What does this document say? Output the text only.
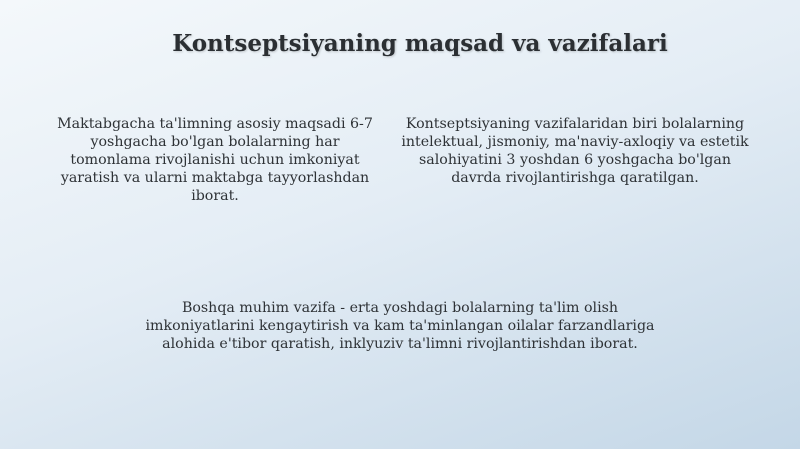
Kontseptsiyaning maqsad va vazifalari
Maktabgacha ta'limning asosiy maqsadi 6-7 yoshgacha bo'lgan bolalarning har tomonlama rivojlanishi uchun imkoniyat yaratish va ularni maktabga tayyorlashdan iborat.
Kontseptsiyaning vazifalaridan biri bolalarning intelektual, jismoniy, ma'naviy-axloqiy va estetik salohiyatini 3 yoshdan 6 yoshgacha bo'lgan davrda rivojlantirishga qaratilgan.
Boshqa muhim vazifa - erta yoshdagi bolalarning ta'lim olish imkoniyatlarini kengaytirish va kam ta'minlangan oilalar farzandlariga alohida e'tibor qaratish, inklyuziv ta'limni rivojlantirishdan iborat.
